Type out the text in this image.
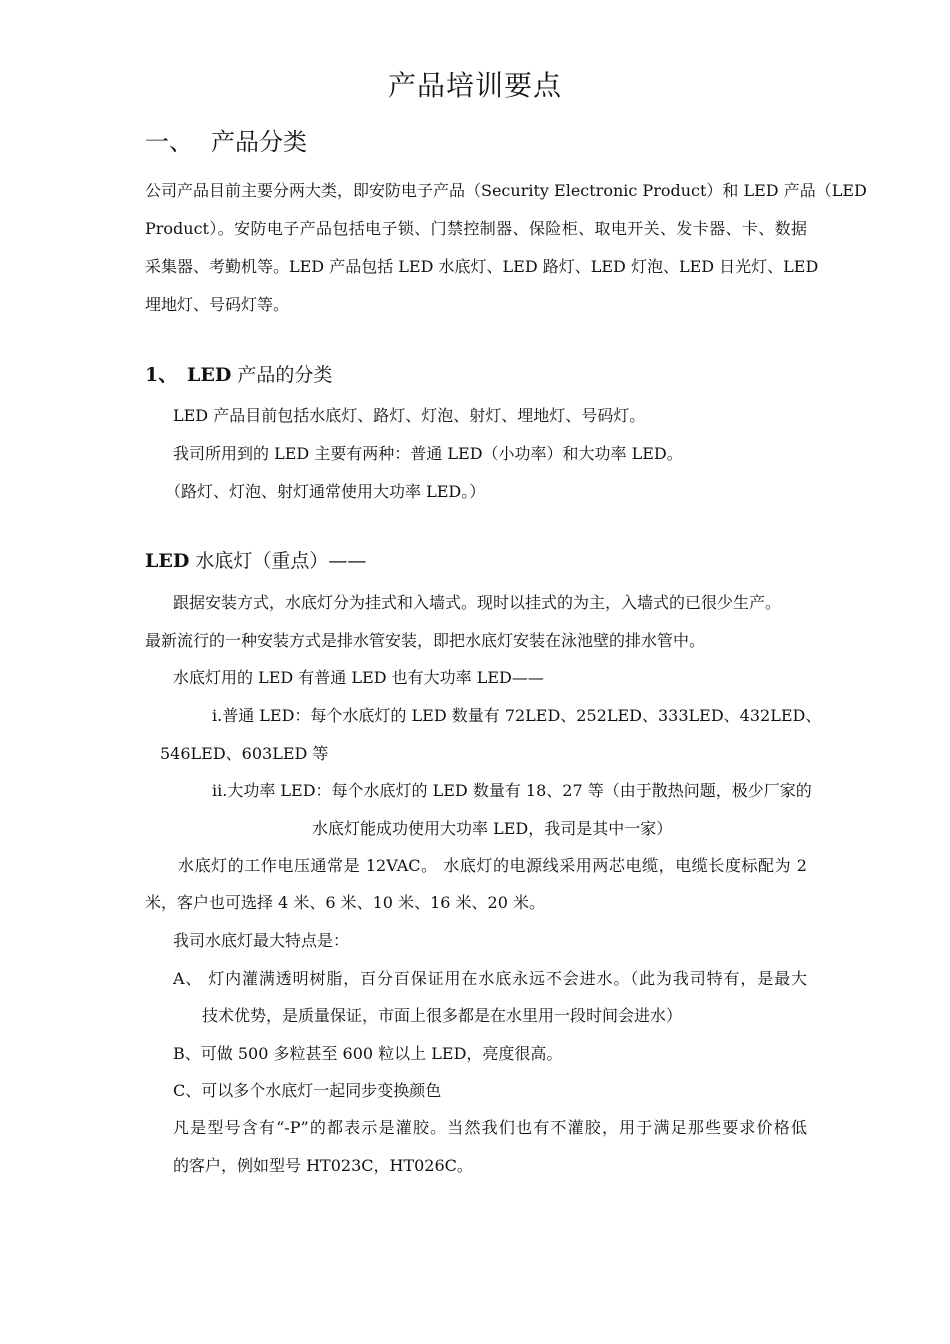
产品培训要点
一、 产品分类
公司产品目前主要分两大类，即安防电子产品（Security Electronic Product）和 LED 产品（LED
Product）。安防电子产品包括电子锁、门禁控制器、保险柜、取电开关、发卡器、卡、数据
采集器、考勤机等。LED 产品包括 LED 水底灯、LED 路灯、LED 灯泡、LED 日光灯、LED
埋地灯、号码灯等。
1、 LED 产品的分类
LED 产品目前包括水底灯、路灯、灯泡、射灯、埋地灯、号码灯。
我司所用到的 LED 主要有两种：普通 LED（小功率）和大功率 LED。
（路灯、灯泡、射灯通常使用大功率 LED。）
LED 水底灯（重点）——
跟据安装方式，水底灯分为挂式和入墙式。现时以挂式的为主，入墙式的已很少生产。
最新流行的一种安装方式是排水管安装，即把水底灯安装在泳池壁的排水管中。
水底灯用的 LED 有普通 LED 也有大功率 LED——
i.普通 LED：每个水底灯的 LED 数量有 72LED、252LED、333LED、432LED、
546LED、603LED 等
ii.大功率 LED：每个水底灯的 LED 数量有 18、27 等（由于散热问题，极少厂家的
水底灯能成功使用大功率 LED，我司是其中一家）
水底灯的工作电压通常是 12VAC。 水底灯的电源线采用两芯电缆，电缆长度标配为 2
米，客户也可选择 4 米、6 米、10 米、16 米、20 米。
我司水底灯最大特点是：
A、 灯内灌满透明树脂，百分百保证用在水底永远不会进水。（此为我司特有，是最大
技术优势，是质量保证，市面上很多都是在水里用一段时间会进水）
B、可做 500 多粒甚至 600 粒以上 LED，亮度很高。
C、可以多个水底灯一起同步变换颜色
凡是型号含有“-P”的都表示是灌胶。当然我们也有不灌胶，用于满足那些要求价格低
的客户，例如型号 HT023C，HT026C。
